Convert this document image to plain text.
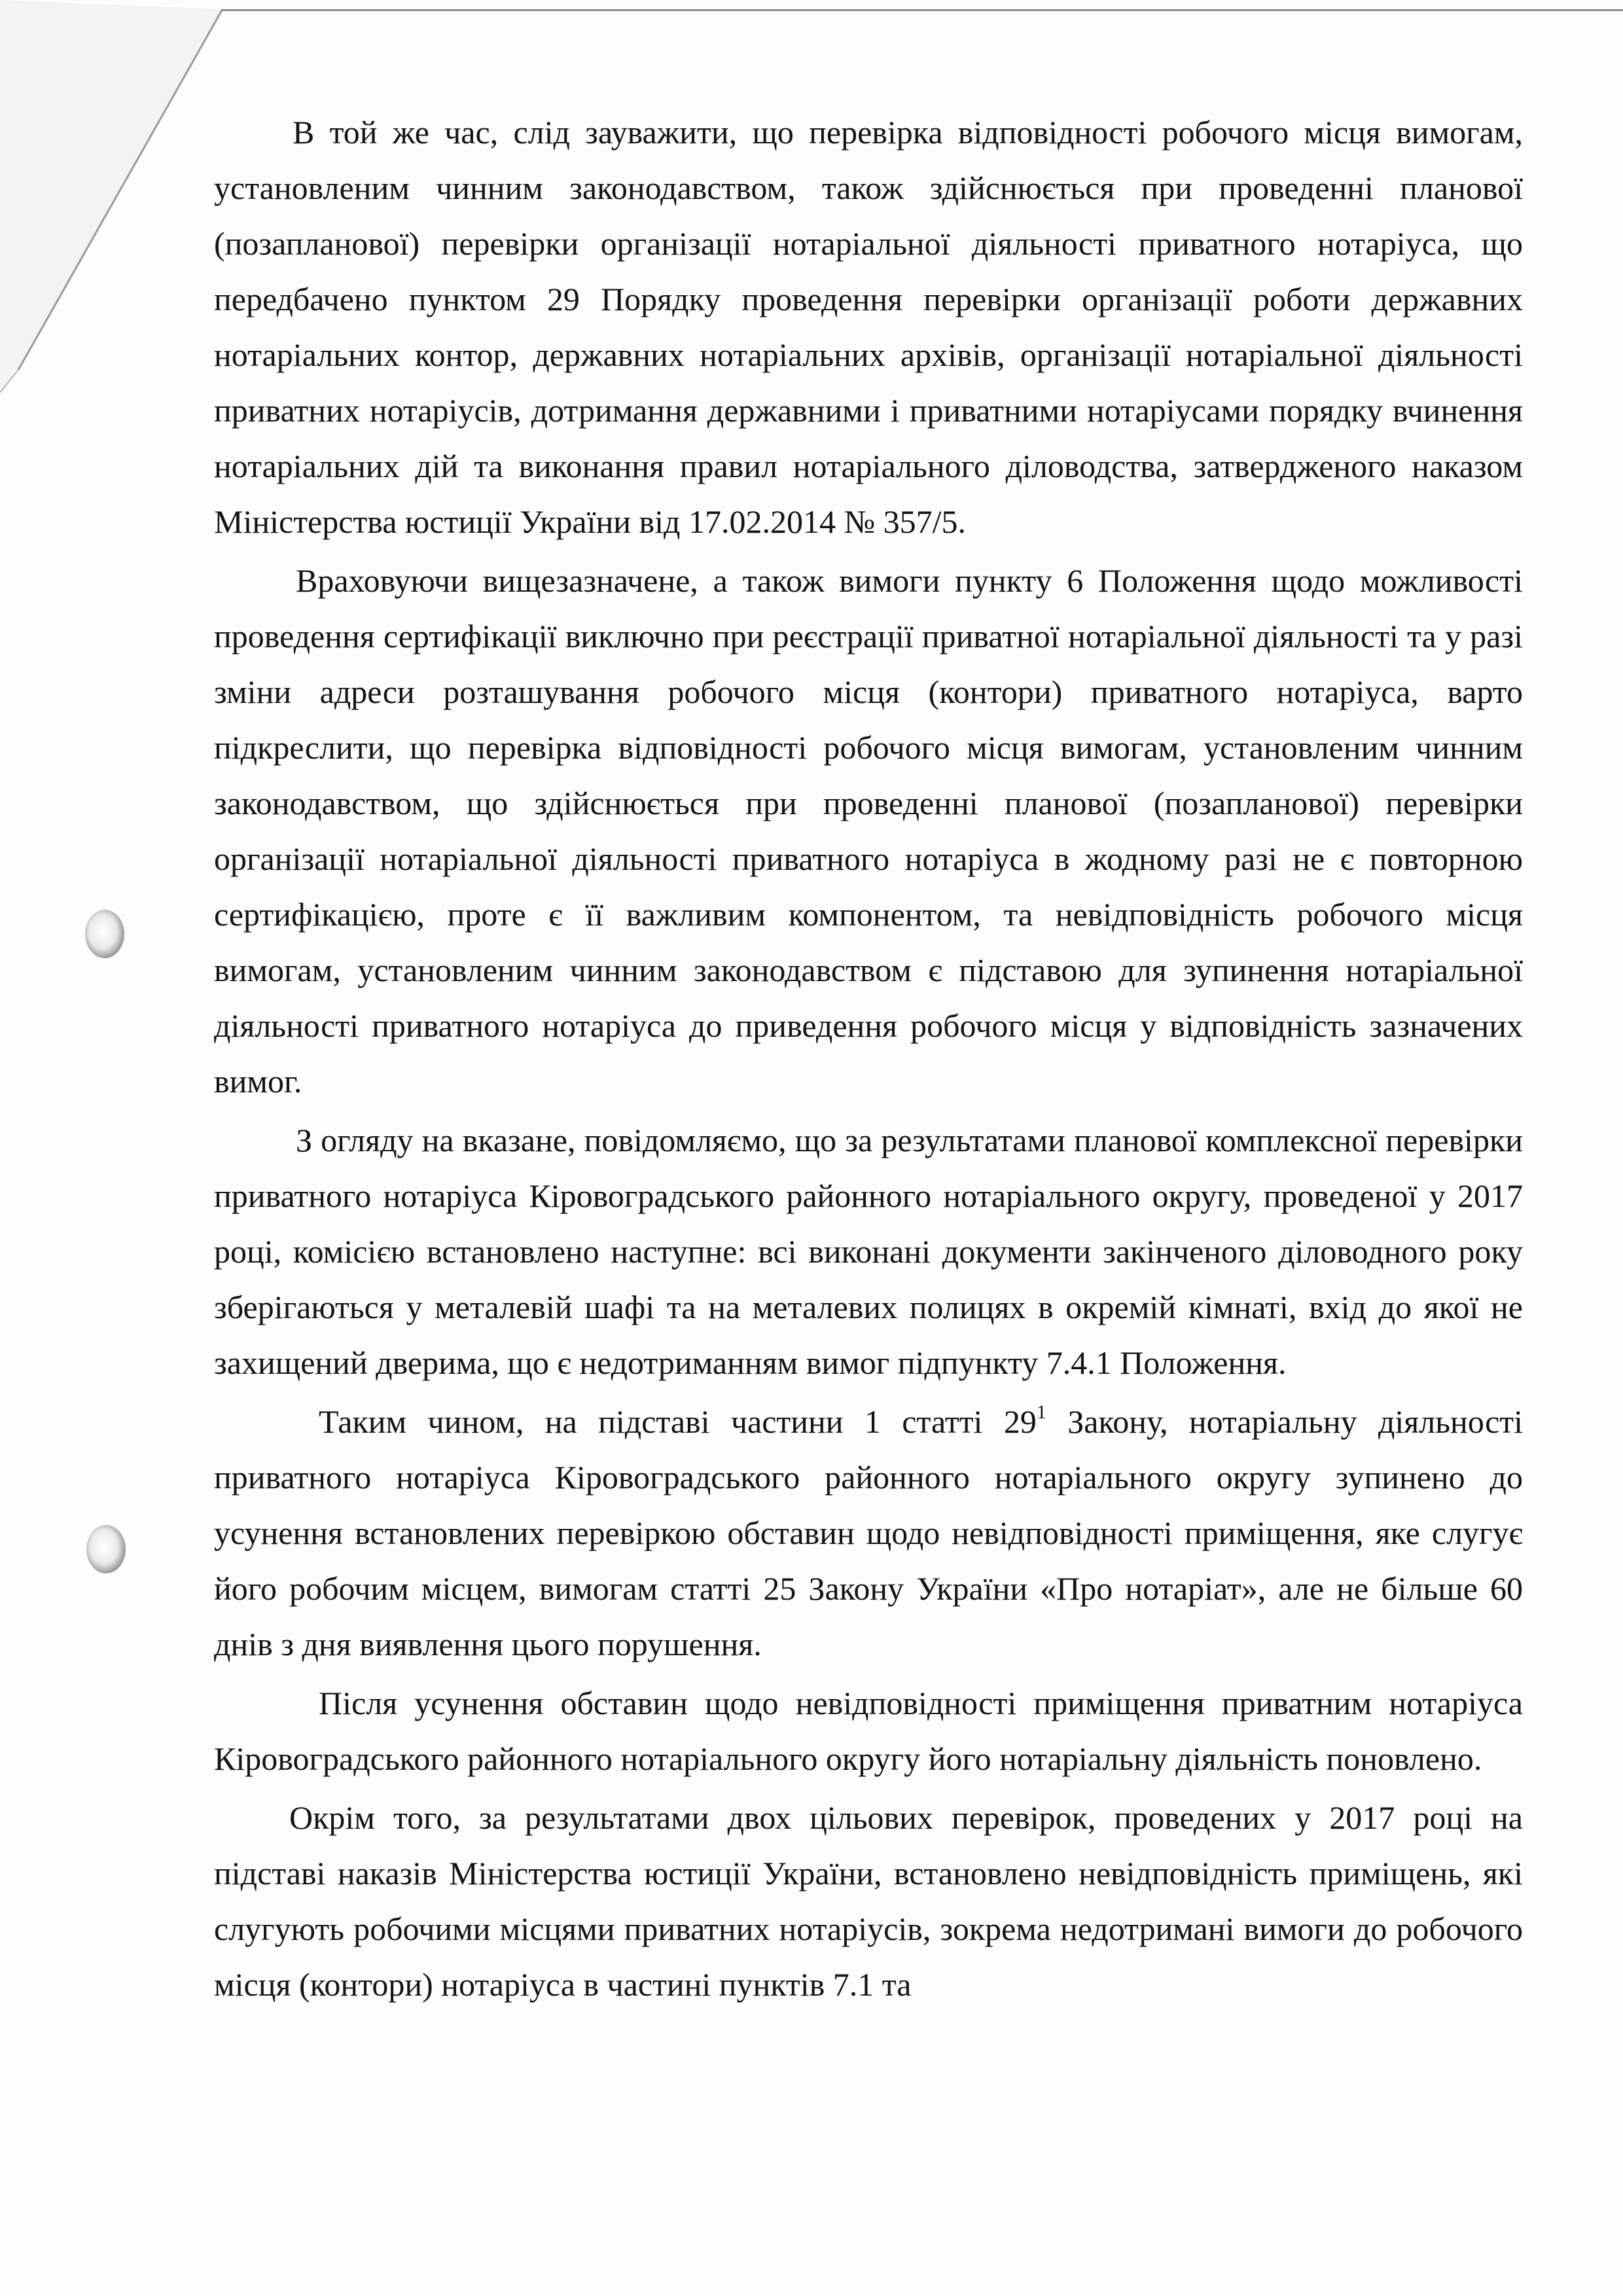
В той же час, слід зауважити, що перевірка відповідності робочого місця вимогам, установленим чинним законодавством, також здійснюється при проведенні планової (позапланової) перевірки організації нотаріальної діяльності приватного нотаріуса, що передбачено пунктом 29 Порядку проведення перевірки організації роботи державних нотаріальних контор, державних нотаріальних архівів, організації нотаріальної діяльності приватних нотаріусів, дотримання державними і приватними нотаріусами порядку вчинення нотаріальних дій та виконання правил нотаріального діловодства, затвердженого наказом Міністерства юстиції України від 17.02.2014 № 357/5.

Враховуючи вищезазначене, а також вимоги пункту 6 Положення щодо можливості проведення сертифікації виключно при реєстрації приватної нотаріальної діяльності та у разі зміни адреси розташування робочого місця (контори) приватного нотаріуса, варто підкреслити, що перевірка відповідності робочого місця вимогам, установленим чинним законодавством, що здійснюється при проведенні планової (позапланової) перевірки організації нотаріальної діяльності приватного нотаріуса в жодному разі не є повторною сертифікацією, проте є її важливим компонентом, та невідповідність робочого місця вимогам, установленим чинним законодавством є підставою для зупинення нотаріальної діяльності приватного нотаріуса до приведення робочого місця у відповідність зазначених вимог.

З огляду на вказане, повідомляємо, що за результатами планової комплексної перевірки приватного нотаріуса Кіровоградського районного нотаріального округу, проведеної у 2017 році, комісією встановлено наступне: всі виконані документи закінченого діловодного року зберігаються у металевій шафі та на металевих полицях в окремій кімнаті, вхід до якої не захищений дверима, що є недотриманням вимог підпункту 7.4.1 Положення.

Таким чином, на підставі частини 1 статті $29^1$ Закону, нотаріальну діяльності приватного нотаріуса Кіровоградського районного нотаріального округу зупинено до усунення встановлених перевіркою обставин щодо невідповідності приміщення, яке слугує його робочим місцем, вимогам статті 25 Закону України «Про нотаріат», але не більше 60 днів з дня виявлення цього порушення.

Після усунення обставин щодо невідповідності приміщення приватним нотаріуса Кіровоградського районного нотаріального округу його нотаріальну діяльність поновлено.

Окрім того, за результатами двох цільових перевірок, проведених у 2017 році на підставі наказів Міністерства юстиції України, встановлено невідповідність приміщень, які слугують робочими місцями приватних нотаріусів, зокрема недотримані вимоги до робочого місця (контори) нотаріуса в частині пунктів 7.1 та
